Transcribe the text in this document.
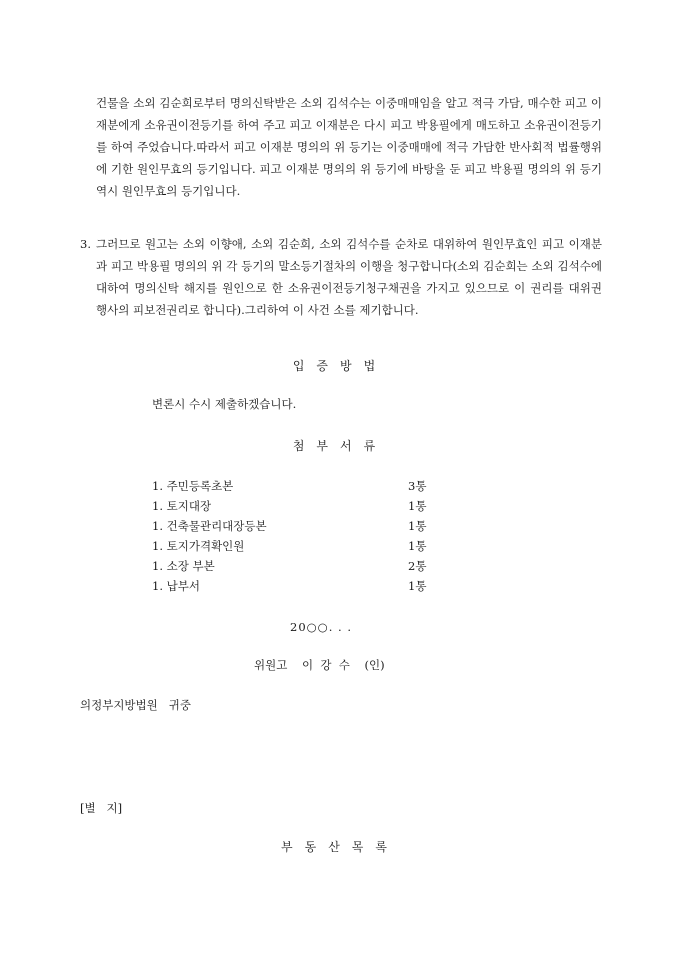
건물을 소외 김순희로부터 명의신탁받은 소외 김석수는 이중매매임을 알고 적극 가담, 매수한 피고 이재분에게 소유권이전등기를 하여 주고 피고 이재분은 다시 피고 박용필에게 매도하고 소유권이전등기를 하여 주었습니다.따라서 피고 이재분 명의의 위 등기는 이중매매에 적극 가담한 반사회적 법률행위에 기한 원인무효의 등기입니다. 피고 이재분 명의의 위 등기에 바탕을 둔 피고 박용필 명의의 위 등기 역시 원인무효의 등기입니다.
3. 그러므로 원고는 소외 이향애, 소외 김순희, 소외 김석수를 순차로 대위하여 원인무효인 피고 이재분과 피고 박용필 명의의 위 각 등기의 말소등기절차의 이행을 청구합니다(소외 김순희는 소외 김석수에 대하여 명의신탁 해지를 원인으로 한 소유권이전등기청구채권을 가지고 있으므로 이 권리를 대위권 행사의 피보전권리로 합니다).그리하여 이 사건 소를 제기합니다.
입증방법
변론시 수시 제출하겠습니다.
첨부서류
1. 주민등록초본	3통
1. 토지대장	1통
1. 건축물관리대장등본	1통
1. 토지가격확인원	1통
1. 소장 부본	2통
1. 납부서	1통
20○○. . .
위원고    이  강  수    (인)
의정부지방법원   귀중
[별   지]
부동산목록
